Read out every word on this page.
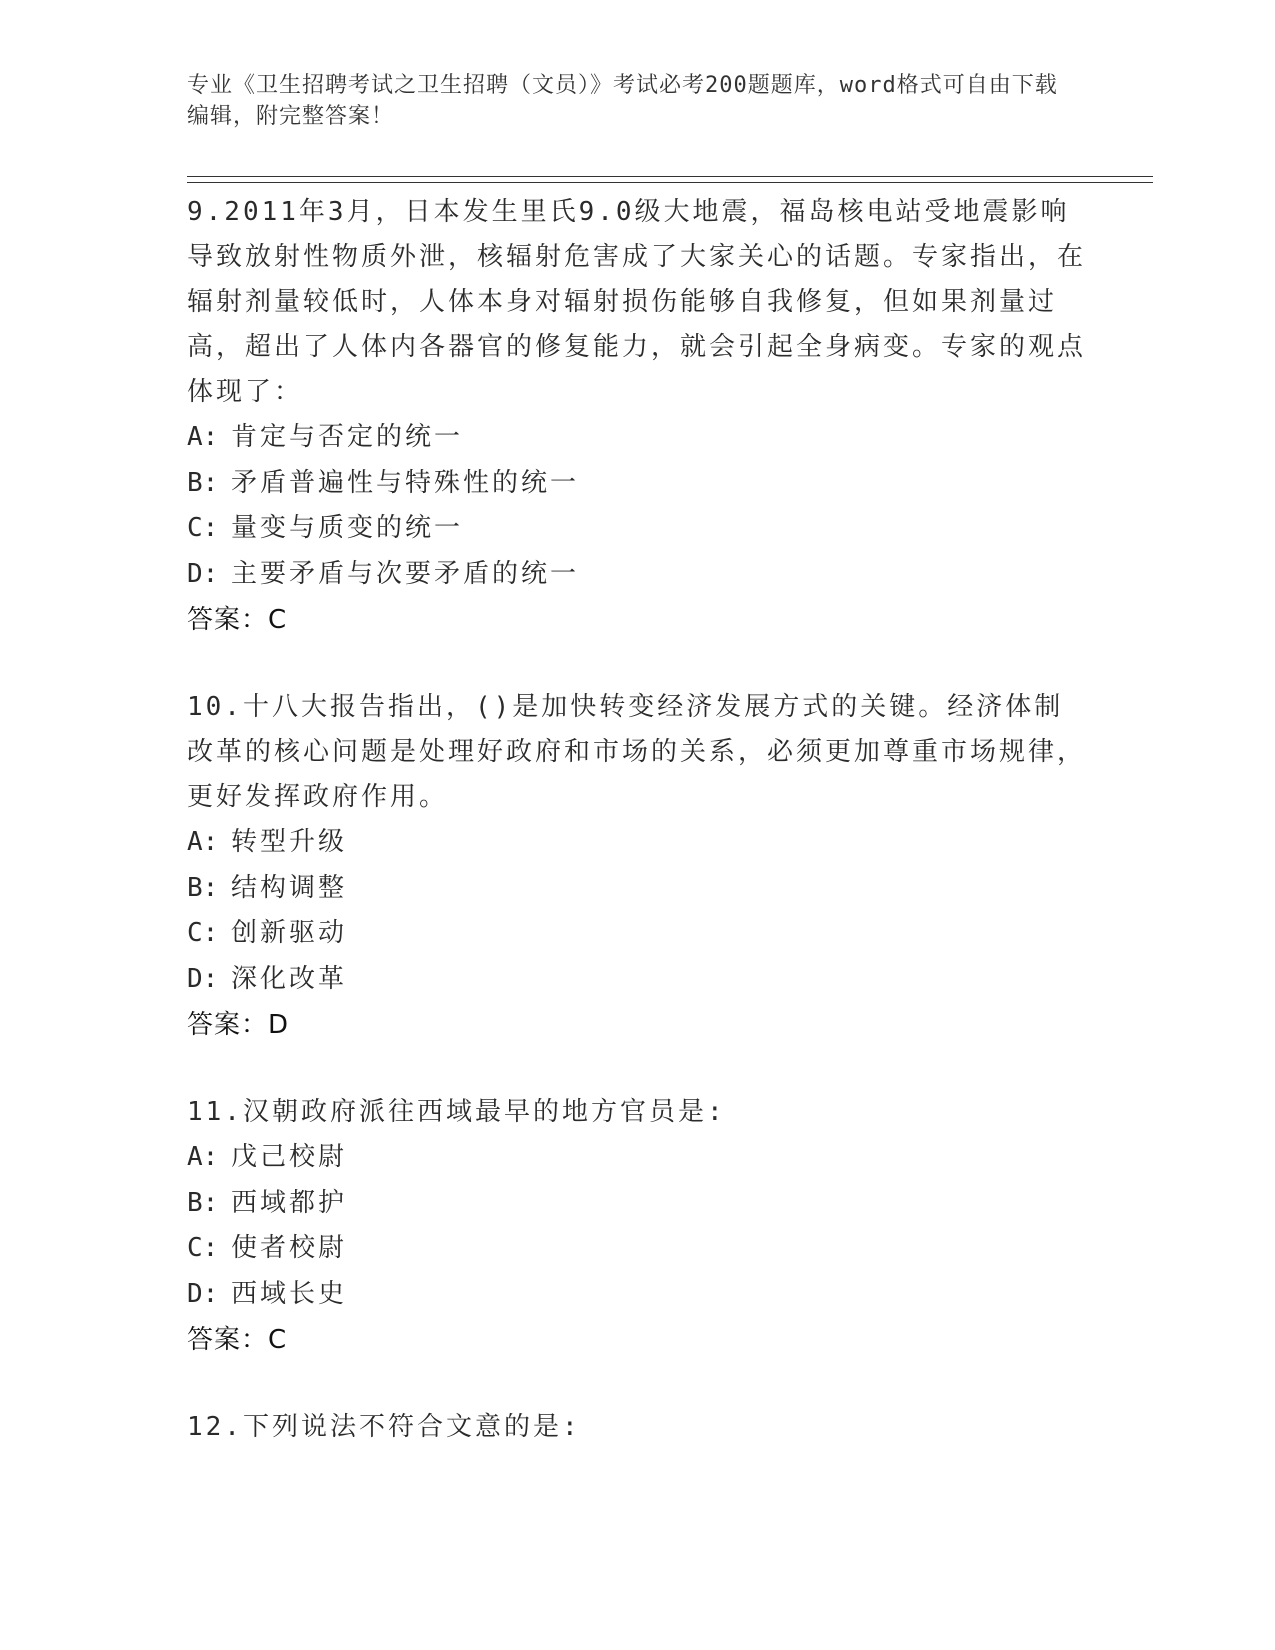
专业《卫生招聘考试之卫生招聘（文员）》考试必考200题题库，word格式可自由下载编辑，附完整答案！
9.2011年3月，日本发生里氏9.0级大地震，福岛核电站受地震影响导致放射性物质外泄，核辐射危害成了大家关心的话题。专家指出，在辐射剂量较低时，人体本身对辐射损伤能够自我修复，但如果剂量过高，超出了人体内各器官的修复能力，就会引起全身病变。专家的观点体现了：
A: 肯定与否定的统一
B: 矛盾普遍性与特殊性的统一
C: 量变与质变的统一
D: 主要矛盾与次要矛盾的统一
答案：C
10.十八大报告指出，()是加快转变经济发展方式的关键。经济体制改革的核心问题是处理好政府和市场的关系，必须更加尊重市场规律，更好发挥政府作用。
A: 转型升级
B: 结构调整
C: 创新驱动
D: 深化改革
答案：D
11.汉朝政府派往西域最早的地方官员是:
A: 戊己校尉
B: 西域都护
C: 使者校尉
D: 西域长史
答案：C
12.下列说法不符合文意的是:
